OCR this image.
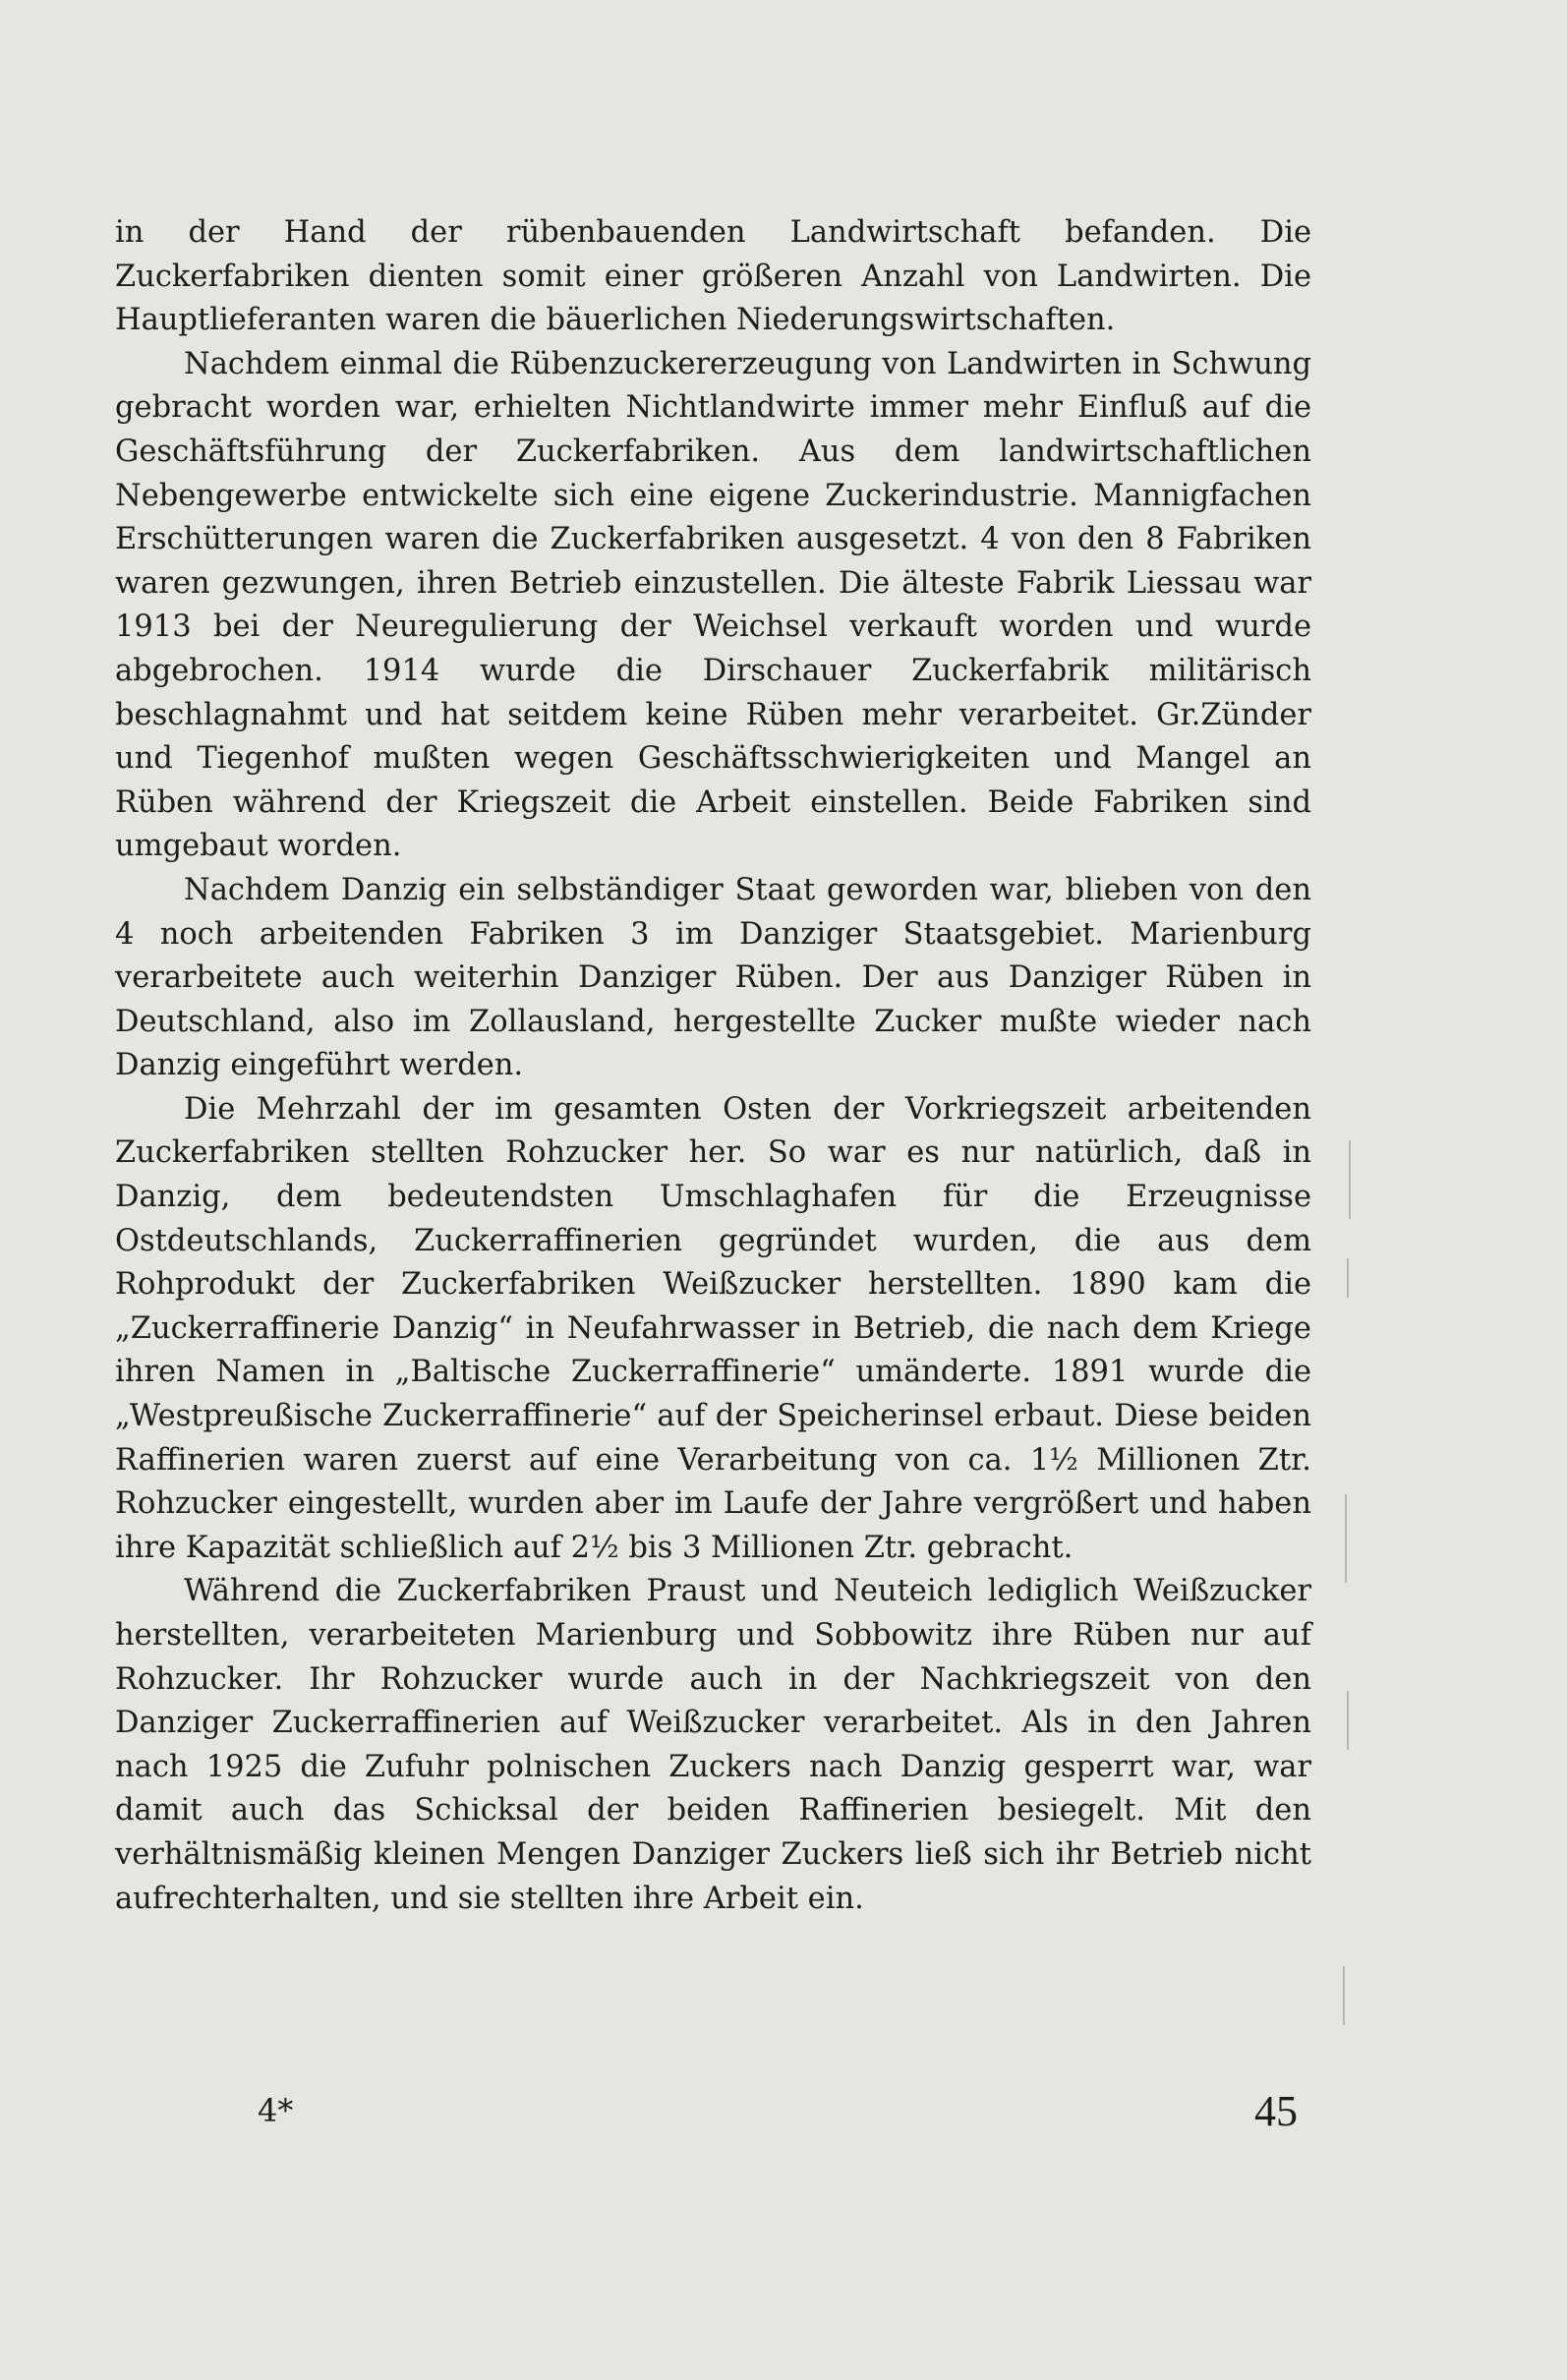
in der Hand der rübenbauenden Landwirtschaft befanden. Die Zuckerfabriken dienten somit einer größeren Anzahl von Landwirten. Die Hauptlieferanten waren die bäuerlichen Niederungswirtschaften.

Nachdem einmal die Rübenzuckererzeugung von Landwirten in Schwung gebracht worden war, erhielten Nichtlandwirte immer mehr Einfluß auf die Geschäftsführung der Zuckerfabriken. Aus dem landwirtschaftlichen Nebengewerbe entwickelte sich eine eigene Zuckerindustrie. Mannigfachen Erschütterungen waren die Zuckerfabriken ausgesetzt. 4 von den 8 Fabriken waren gezwungen, ihren Betrieb einzustellen. Die älteste Fabrik Liessau war 1913 bei der Neuregulierung der Weichsel verkauft worden und wurde abgebrochen. 1914 wurde die Dirschauer Zuckerfabrik militärisch beschlagnahmt und hat seitdem keine Rüben mehr verarbeitet. Gr.Zünder und Tiegenhof mußten wegen Geschäftsschwierigkeiten und Mangel an Rüben während der Kriegszeit die Arbeit einstellen. Beide Fabriken sind umgebaut worden.

Nachdem Danzig ein selbständiger Staat geworden war, blieben von den 4 noch arbeitenden Fabriken 3 im Danziger Staatsgebiet. Marienburg verarbeitete auch weiterhin Danziger Rüben. Der aus Danziger Rüben in Deutschland, also im Zollausland, hergestellte Zucker mußte wieder nach Danzig eingeführt werden.

Die Mehrzahl der im gesamten Osten der Vorkriegszeit arbeitenden Zuckerfabriken stellten Rohzucker her. So war es nur natürlich, daß in Danzig, dem bedeutendsten Umschlaghafen für die Erzeugnisse Ostdeutschlands, Zuckerraffinerien gegründet wurden, die aus dem Rohprodukt der Zuckerfabriken Weißzucker herstellten. 1890 kam die „Zuckerraffinerie Danzig“ in Neufahrwasser in Betrieb, die nach dem Kriege ihren Namen in „Baltische Zuckerraffinerie“ umänderte. 1891 wurde die „Westpreußische Zuckerraffinerie“ auf der Speicherinsel erbaut. Diese beiden Raffinerien waren zuerst auf eine Verarbeitung von ca. 1½ Millionen Ztr. Rohzucker eingestellt, wurden aber im Laufe der Jahre vergrößert und haben ihre Kapazität schließlich auf 2½ bis 3 Millionen Ztr. gebracht.

Während die Zuckerfabriken Praust und Neuteich lediglich Weißzucker herstellten, verarbeiteten Marienburg und Sobbowitz ihre Rüben nur auf Rohzucker. Ihr Rohzucker wurde auch in der Nachkriegszeit von den Danziger Zuckerraffinerien auf Weißzucker verarbeitet. Als in den Jahren nach 1925 die Zufuhr polnischen Zuckers nach Danzig gesperrt war, war damit auch das Schicksal der beiden Raffinerien besiegelt. Mit den verhältnismäßig kleinen Mengen Danziger Zuckers ließ sich ihr Betrieb nicht aufrechterhalten, und sie stellten ihre Arbeit ein.

4*	45
